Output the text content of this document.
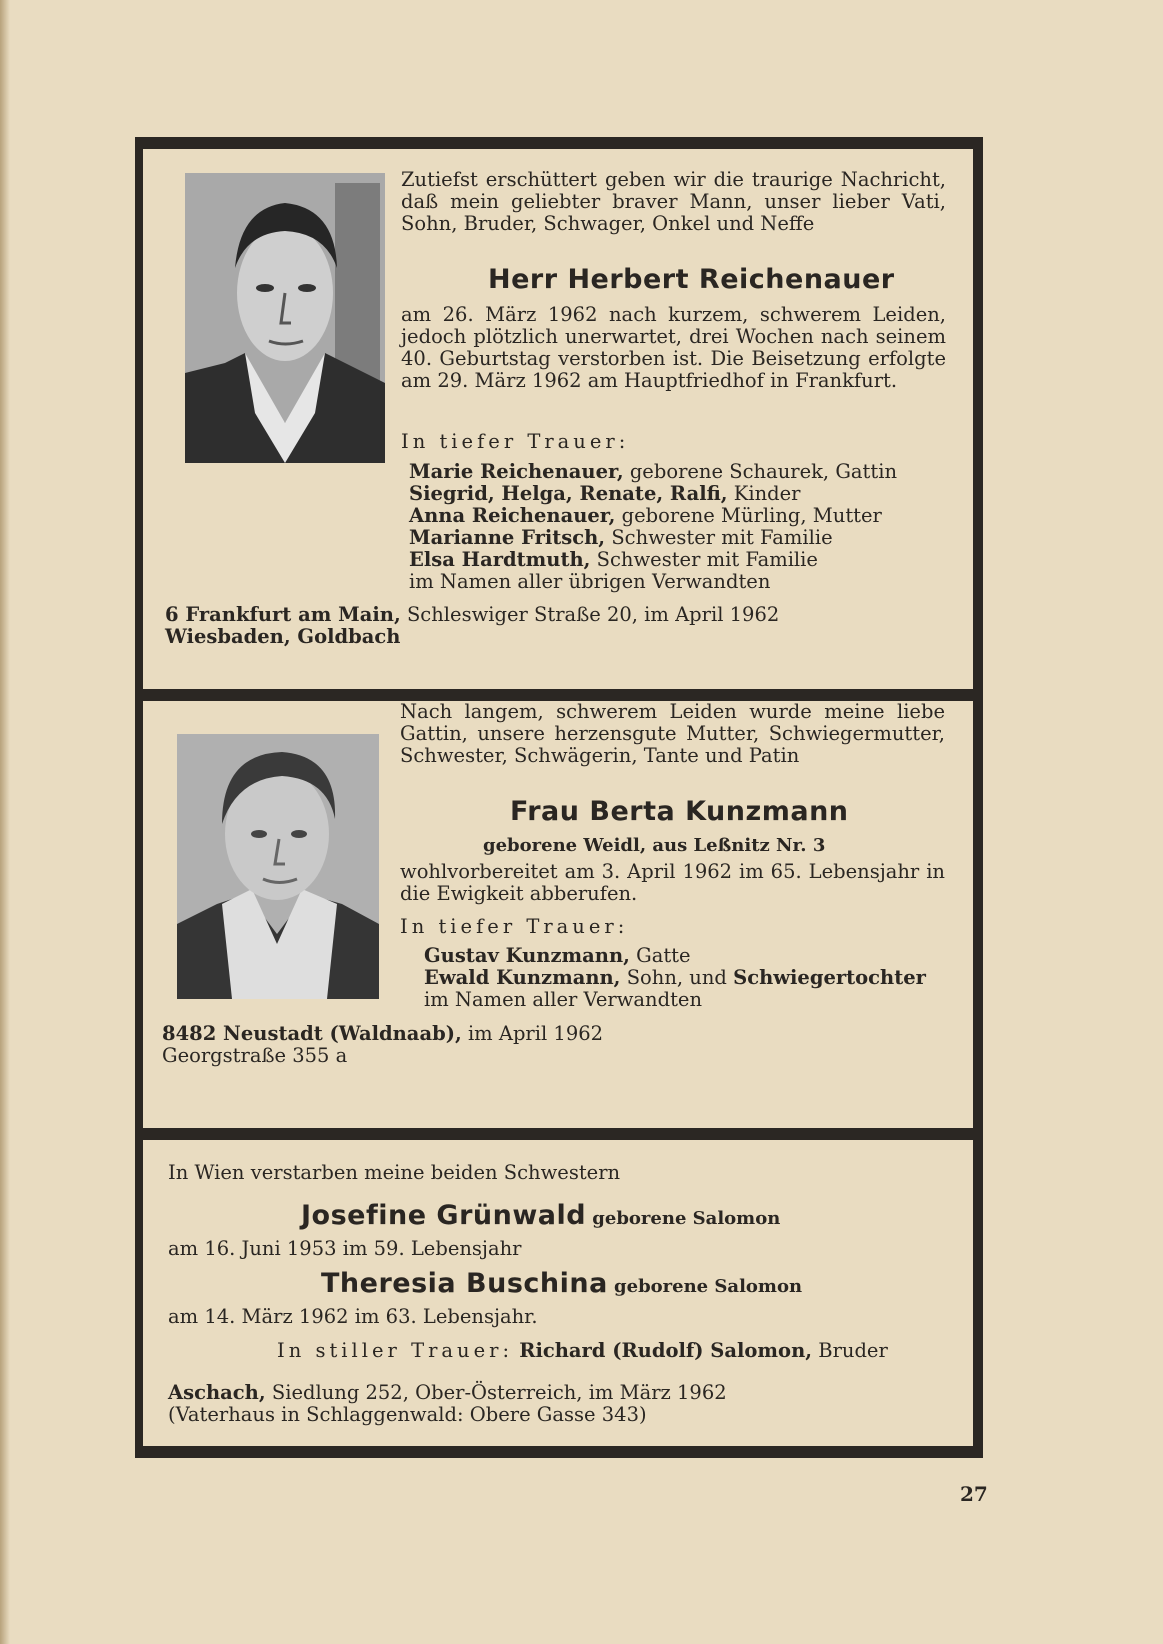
Zutiefst erschüttert geben wir die traurige Nachricht, daß mein geliebter braver Mann, unser lieber Vati, Sohn, Bruder, Schwager, Onkel und Neffe
Herr Herbert Reichenauer
am 26. März 1962 nach kurzem, schwerem Leiden, jedoch plötzlich unerwartet, drei Wochen nach seinem 40. Geburtstag verstorben ist. Die Beisetzung erfolgte am 29. März 1962 am Hauptfriedhof in Frankfurt.
In tiefer Trauer:
Marie Reichenauer, geborene Schaurek, Gattin
Siegrid, Helga, Renate, Ralfi, Kinder
Anna Reichenauer, geborene Mürling, Mutter
Marianne Fritsch, Schwester mit Familie
Elsa Hardtmuth, Schwester mit Familie
im Namen aller übrigen Verwandten
6 Frankfurt am Main, Schleswiger Straße 20, im April 1962
Wiesbaden, Goldbach
Nach langem, schwerem Leiden wurde meine liebe Gattin, unsere herzensgute Mutter, Schwiegermutter, Schwester, Schwägerin, Tante und Patin
Frau Berta Kunzmann
geborene Weidl, aus Leßnitz Nr. 3
wohlvorbereitet am 3. April 1962 im 65. Lebensjahr in die Ewigkeit abberufen.
In tiefer Trauer:
Gustav Kunzmann, Gatte
Ewald Kunzmann, Sohn, und Schwiegertochter
im Namen aller Verwandten
8482 Neustadt (Waldnaab), im April 1962
Georgstraße 355 a
In Wien verstarben meine beiden Schwestern
Josefine Grünwald geborene Salomon
am 16. Juni 1953 im 59. Lebensjahr
Theresia Buschina geborene Salomon
am 14. März 1962 im 63. Lebensjahr.
In stiller Trauer: Richard (Rudolf) Salomon, Bruder
Aschach, Siedlung 252, Ober-Österreich, im März 1962
(Vaterhaus in Schlaggenwald: Obere Gasse 343)
27
